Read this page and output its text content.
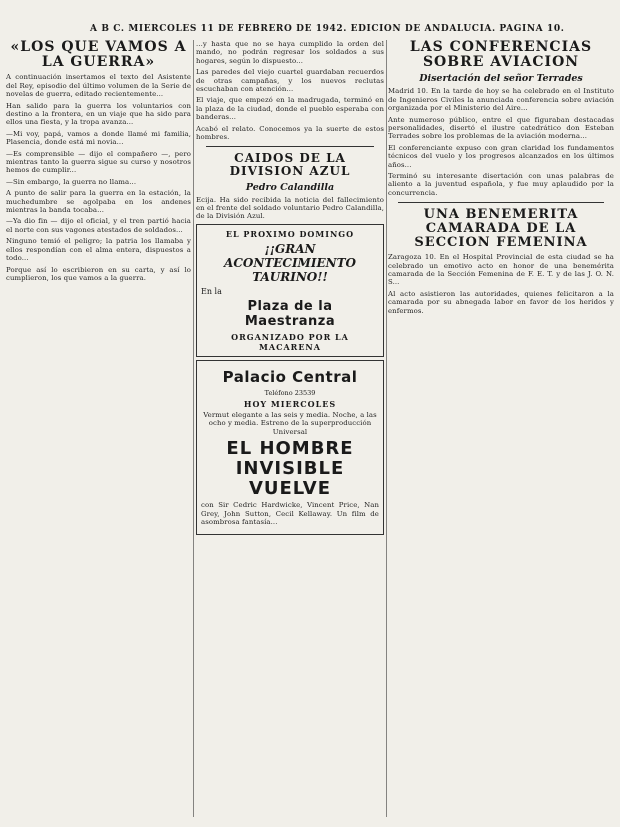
A B C. MIERCOLES 11 DE FEBRERO DE 1942. EDICION DE ANDALUCIA. PAGINA 10.
«LOS QUE VAMOS A LA GUERRA»

A continuación insertamos el texto del Asistente del Rey, episodio del último volumen de la Serie de novelas de guerra, editado recientemente...

Han salido para la guerra los voluntarios con destino a la frontera, en un viaje que ha sido para ellos una fiesta, y la tropa avanza...

—Mi voy, papá, vamos a donde llamé mi familia, Plasencia, donde está mi novia...

—Es comprensible — dijo el compañero —, pero mientras tanto la guerra sigue su curso y nosotros hemos de cumplir...

—Sin embargo, la guerra no llama...

A punto de salir para la guerra en la estación, la muchedumbre se agolpaba en los andenes mientras la banda tocaba...

—Ya dio fin — dijo el oficial, y el tren partió hacia el norte con sus vagones atestados de soldados...

Ninguno temió el peligro; la patria los llamaba y ellos respondían con el alma entera, dispuestos a todo...

Porque así lo escribieron en su carta, y así lo cumplieron, los que vamos a la guerra.

...y hasta que no se haya cumplido la orden del mando, no podrán regresar los soldados a sus hogares, según lo dispuesto...

Las paredes del viejo cuartel guardaban recuerdos de otras campañas, y los nuevos reclutas escuchaban con atención...

El viaje, que empezó en la madrugada, terminó en la plaza de la ciudad, donde el pueblo esperaba con banderas...

Acabó el relato. Conocemos ya la suerte de estos hombres.

CAIDOS DE LA DIVISION AZUL
Pedro Calandilla

Ecija. Ha sido recibida la noticia del fallecimiento en el frente del soldado voluntario Pedro Calandilla, de la División Azul.

EL PROXIMO DOMINGO
¡¡GRAN ACONTECIMIENTO TAURINO!!
En la
Plaza de la Maestranza
ORGANIZADO POR LA MACARENA
Palacio Central
Teléfono 23539
HOY MIERCOLES

Vermut elegante a las seis y media. Noche, a las ocho y media. Estreno de la superproducción Universal

EL HOMBRE INVISIBLE VUELVE

con Sir Cedric Hardwicke, Vincent Price, Nan Grey, John Sutton, Cecil Kellaway. Un film de asombrosa fantasía...

LAS CONFERENCIAS SOBRE AVIACION
Disertación del señor Terrades

Madrid 10. En la tarde de hoy se ha celebrado en el Instituto de Ingenieros Civiles la anunciada conferencia sobre aviación organizada por el Ministerio del Aire...

Ante numeroso público, entre el que figuraban destacadas personalidades, disertó el ilustre catedrático don Esteban Terrades sobre los problemas de la aviación moderna...

El conferenciante expuso con gran claridad los fundamentos técnicos del vuelo y los progresos alcanzados en los últimos años...

Terminó su interesante disertación con unas palabras de aliento a la juventud española, y fue muy aplaudido por la concurrencia.

UNA BENEMERITA CAMARADA DE LA SECCION FEMENINA

Zaragoza 10. En el Hospital Provincial de esta ciudad se ha celebrado un emotivo acto en honor de una benemérita camarada de la Sección Femenina de F. E. T. y de las J. O. N. S...

Al acto asistieron las autoridades, quienes felicitaron a la camarada por su abnegada labor en favor de los heridos y enfermos.
